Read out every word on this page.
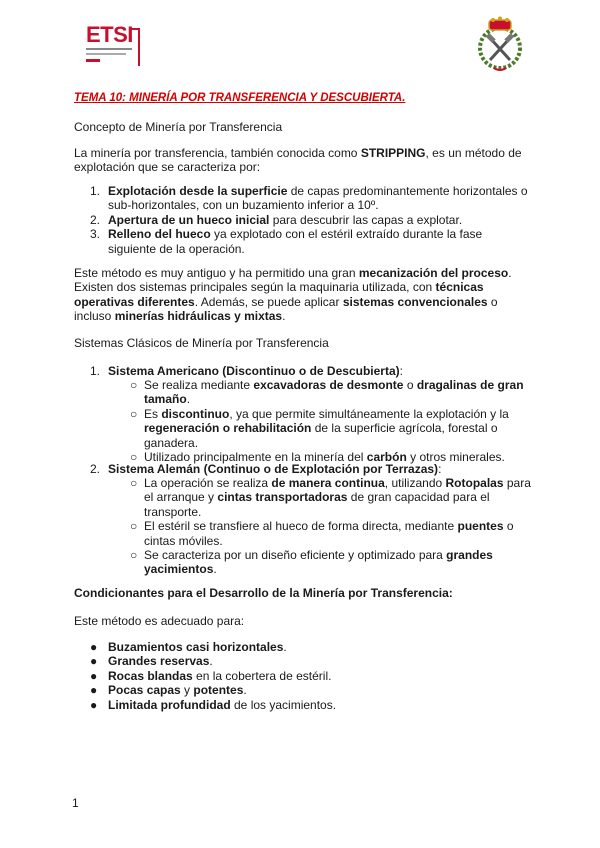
ETSI
TEMA 10: MINERÍA POR TRANSFERENCIA Y DESCUBIERTA.
Concepto de Minería por Transferencia

La minería por transferencia, también conocida como STRIPPING, es un método de explotación que se caracteriza por:

1. Explotación desde la superficie de capas predominantemente horizontales o sub-horizontales, con un buzamiento inferior a 10º.
2. Apertura de un hueco inicial para descubrir las capas a explotar.
3. Relleno del hueco ya explotado con el estéril extraído durante la fase siguiente de la operación.

Este método es muy antiguo y ha permitido una gran mecanización del proceso. Existen dos sistemas principales según la maquinaria utilizada, con técnicas operativas diferentes. Además, se puede aplicar sistemas convencionales o incluso minerías hidráulicas y mixtas.

Sistemas Clásicos de Minería por Transferencia
1. Sistema Americano (Discontinuo o de Descubierta):
○ Se realiza mediante excavadoras de desmonte o dragalinas de gran tamaño.
○ Es discontinuo, ya que permite simultáneamente la explotación y la regeneración o rehabilitación de la superficie agrícola, forestal o ganadera.
○ Utilizado principalmente en la minería del carbón y otros minerales.
2. Sistema Alemán (Continuo o de Explotación por Terrazas):
○ La operación se realiza de manera continua, utilizando Rotopalas para el arranque y cintas transportadoras de gran capacidad para el transporte.
○ El estéril se transfiere al hueco de forma directa, mediante puentes o cintas móviles.
○ Se caracteriza por un diseño eficiente y optimizado para grandes yacimientos.
Condicionantes para el Desarrollo de la Minería por Transferencia:

Este método es adecuado para:

● Buzamientos casi horizontales.
● Grandes reservas.
● Rocas blandas en la cobertera de estéril.
● Pocas capas y potentes.
● Limitada profundidad de los yacimientos.
1
